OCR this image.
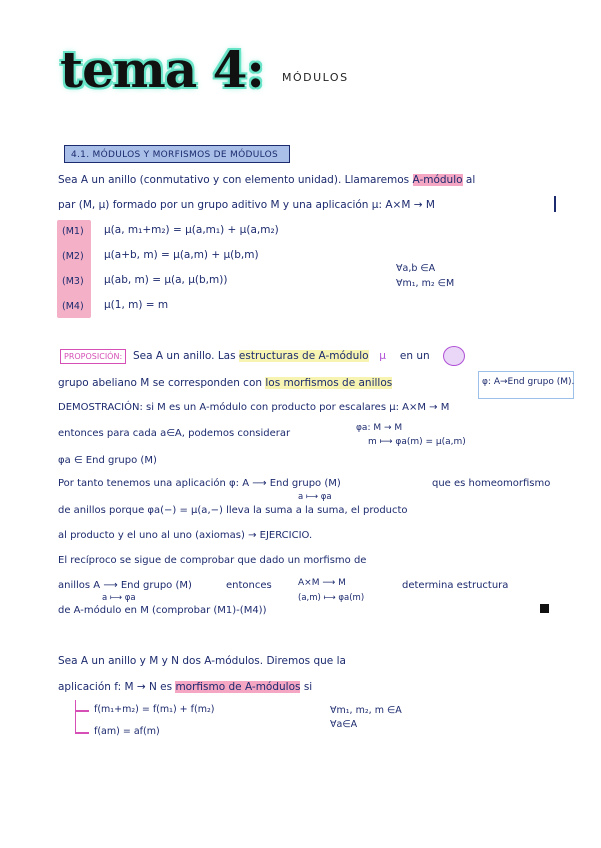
tema 4: MÓDULOS
4.1. MÓDULOS Y MORFISMOS DE MÓDULOS
Sea A un anillo (conmutativo y con elemento unidad). Llamaremos A-módulo al
par (M, μ) formado por un grupo aditivo M y una aplicación μ: A×M → M
(M1) μ(a, m₁+m₂) = μ(a,m₁) + μ(a,m₂)
(M2) μ(a+b, m) = μ(a,m) + μ(b,m)
(M3) μ(ab, m) = μ(a, μ(b,m))
(M4) μ(1, m) = m
∀a,b ∈A
∀m₁, m₂ ∈M
PROPOSICIÓN:	Sea A un anillo. Las estructuras de A-módulo μ en un
grupo abeliano M se corresponden con los morfismos de anillos	φ: A→End grupo (M).
DEMOSTRACIÓN: si M es un A-módulo con producto por escalares μ: A×M → M
entonces para cada a∈A, podemos considerar	φa: M → M
m ⟼ φa(m) = μ(a,m)
φa ∈ End grupo (M)
Por tanto tenemos una aplicación φ: A ⟶ End grupo (M)
a ⟼ φa
que es homeomorfismo
de anillos porque φa(−) = μ(a,−) lleva la suma a la suma, el producto
al producto y el uno al uno (axiomas) → EJERCICIO.
El recíproco se sigue de comprobar que dado un morfismo de
anillos A ⟶ End grupo (M)
a ⟼ φa
entonces	A×M ⟶ M
(a,m) ⟼ φa(m)
determina estructura
de A-módulo en M (comprobar (M1)-(M4))
Sea A un anillo y M y N dos A-módulos. Diremos que la
aplicación f: M → N es morfismo de A-módulos si
f(m₁+m₂) = f(m₁) + f(m₂)
f(am) = af(m)
∀m₁, m₂, m ∈A
∀a∈A
